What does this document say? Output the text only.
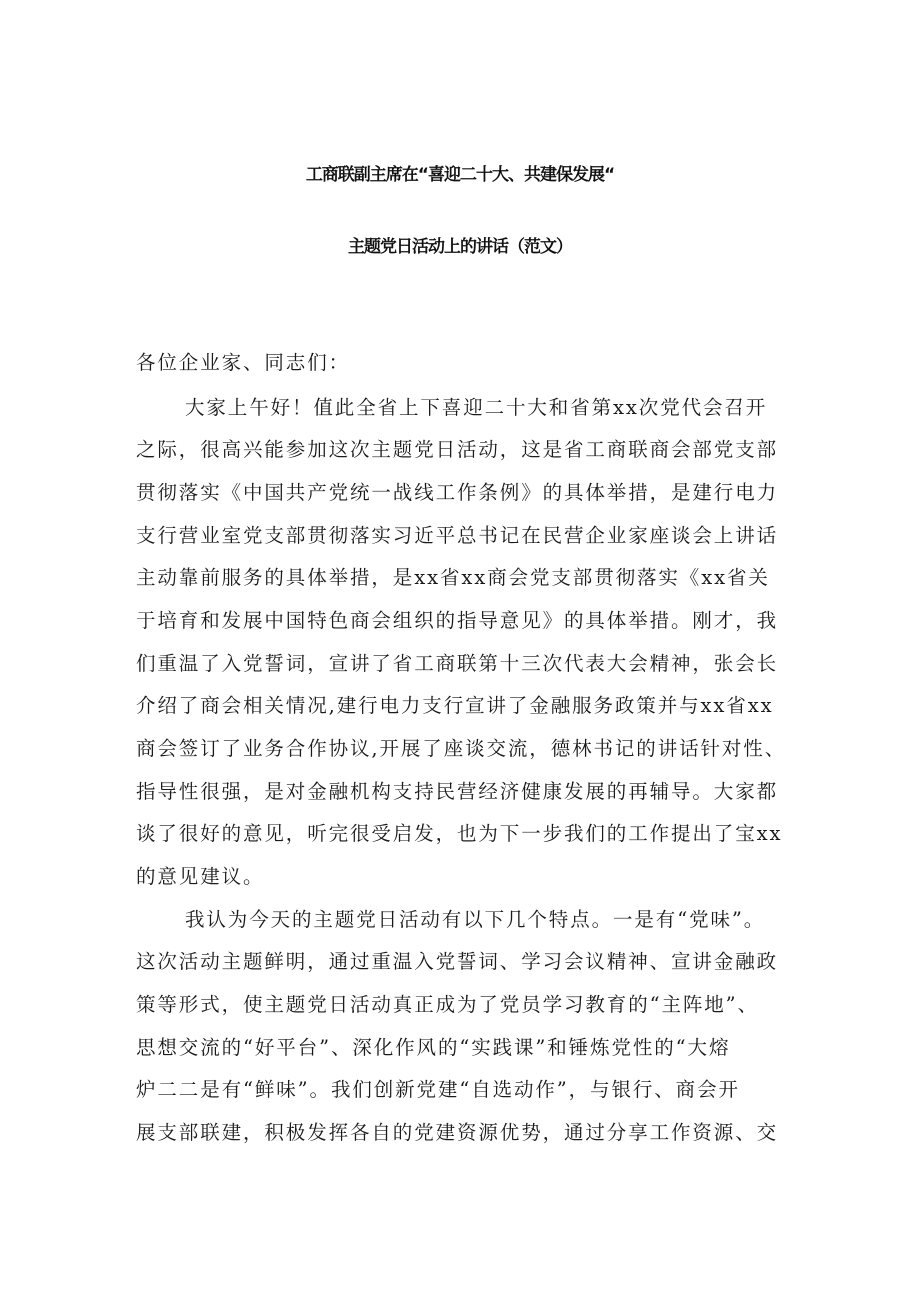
工商联副主席在“喜迎二十大、共建保发展“
主题党日活动上的讲话（范文）
各位企业家、同志们：
大家上午好！值此全省上下喜迎二十大和省第xx次党代会召开
之际，很高兴能参加这次主题党日活动，这是省工商联商会部党支部
贯彻落实《中国共产党统一战线工作条例》的具体举措，是建行电力
支行营业室党支部贯彻落实习近平总书记在民营企业家座谈会上讲话
主动靠前服务的具体举措，是xx省xx商会党支部贯彻落实《xx省关
于培育和发展中国特色商会组织的指导意见》的具体举措。刚才，我
们重温了入党誓词，宣讲了省工商联第十三次代表大会精神，张会长
介绍了商会相关情况,建行电力支行宣讲了金融服务政策并与xx省xx
商会签订了业务合作协议,开展了座谈交流，德林书记的讲话针对性、
指导性很强，是对金融机构支持民营经济健康发展的再辅导。大家都
谈了很好的意见，听完很受启发，也为下一步我们的工作提出了宝xx
的意见建议。
我认为今天的主题党日活动有以下几个特点。一是有“党味”。
这次活动主题鲜明，通过重温入党誓词、学习会议精神、宣讲金融政
策等形式，使主题党日活动真正成为了党员学习教育的“主阵地”、
思想交流的“好平台”、深化作风的“实践课”和锤炼党性的“大熔
炉二二是有“鲜味”。我们创新党建“自选动作”，与银行、商会开
展支部联建，积极发挥各自的党建资源优势，通过分享工作资源、交
